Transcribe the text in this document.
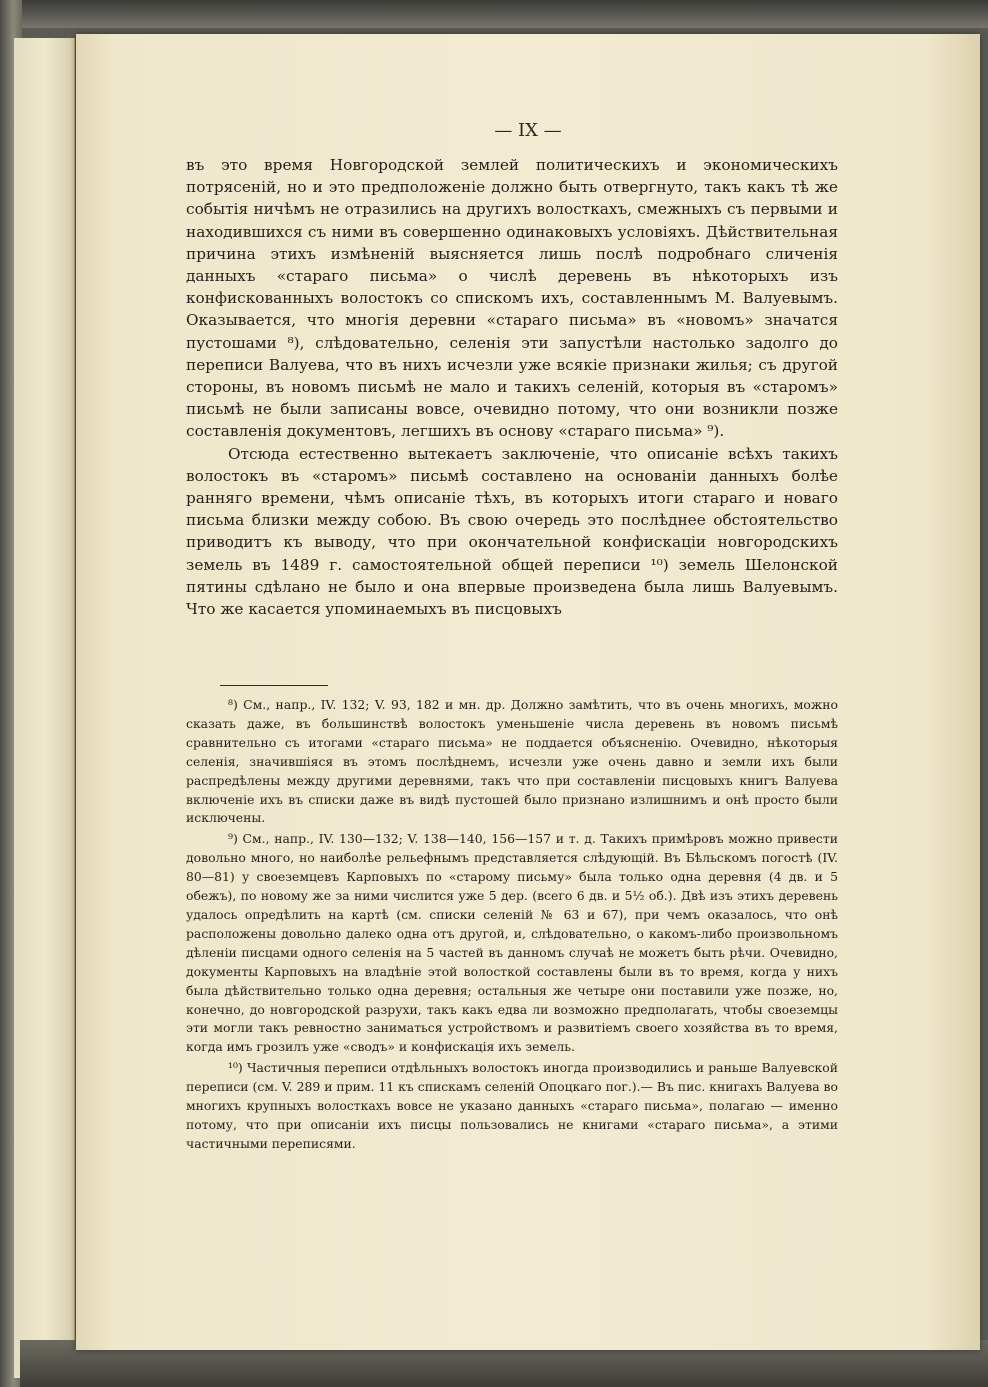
— IX —

въ это время Новгородской землей политическихъ и экономическихъ потрясеній, но и это предположеніе должно быть отвергнуто, такъ какъ тѣ же событія ничѣмъ не отразились на другихъ волосткахъ, смежныхъ съ первыми и находившихся съ ними въ совершенно одинаковыхъ условіяхъ. Дѣйствительная причина этихъ измѣненій выясняется лишь послѣ подробнаго сличенія данныхъ «стараго письма» о числѣ деревень въ нѣкоторыхъ изъ конфискованныхъ волостокъ со спискомъ ихъ, составленнымъ М. Валуевымъ. Оказывается, что многія деревни «стараго письма» въ «новомъ» значатся пустошами ⁸), слѣдовательно, селенія эти запустѣли настолько задолго до переписи Валуева, что въ нихъ исчезли уже всякіе признаки жилья; съ другой стороны, въ новомъ письмѣ не мало и такихъ селеній, которыя въ «старомъ» письмѣ не были записаны вовсе, очевидно потому, что они возникли позже составленія документовъ, легшихъ въ основу «стараго письма» ⁹).

Отсюда естественно вытекаетъ заключеніе, что описаніе всѣхъ такихъ волостокъ въ «старомъ» письмѣ составлено на основаніи данныхъ болѣе ранняго времени, чѣмъ описаніе тѣхъ, въ которыхъ итоги стараго и новаго письма близки между собою. Въ свою очередь это послѣднее обстоятельство приводитъ къ выводу, что при окончательной конфискаціи новгородскихъ земель въ 1489 г. самостоятельной общей переписи ¹⁰) земель Шелонской пятины сдѣлано не было и она впервые произведена была лишь Валуевымъ. Что же касается упоминаемыхъ въ писцовыхъ

⁸) См., напр., IV. 132; V. 93, 182 и мн. др. Должно замѣтить, что въ очень многихъ, можно сказать даже, въ большинствѣ волостокъ уменьшеніе числа деревень въ новомъ письмѣ сравнительно съ итогами «стараго письма» не поддается объясненію. Очевидно, нѣкоторыя селенія, значившіяся въ этомъ послѣднемъ, исчезли уже очень давно и земли ихъ были распредѣлены между другими деревнями, такъ что при составленіи писцовыхъ книгъ Валуева включеніе ихъ въ списки даже въ видѣ пустошей было признано излишнимъ и онѣ просто были исключены.

⁹) См., напр., IV. 130—132; V. 138—140, 156—157 и т. д. Такихъ примѣровъ можно привести довольно много, но наиболѣе рельефнымъ представляется слѣдующій. Въ Бѣльскомъ погостѣ (IV. 80—81) у своеземцевъ Карповыхъ по «старому письму» была только одна деревня (4 дв. и 5 обежъ), по новому же за ними числится уже 5 дер. (всего 6 дв. и 5½ об.). Двѣ изъ этихъ деревень удалось опредѣлить на картѣ (см. списки селеній № 63 и 67), при чемъ оказалось, что онѣ расположены довольно далеко одна отъ другой, и, слѣдовательно, о какомъ-либо произвольномъ дѣленіи писцами одного селенія на 5 частей въ данномъ случаѣ не можетъ быть рѣчи. Очевидно, документы Карповыхъ на владѣніе этой волосткой составлены были въ то время, когда у нихъ была дѣйствительно только одна деревня; остальныя же четыре они поставили уже позже, но, конечно, до новгородской разрухи, такъ какъ едва ли возможно предполагать, чтобы своеземцы эти могли такъ ревностно заниматься устройствомъ и развитіемъ своего хозяйства въ то время, когда имъ грозилъ уже «сводъ» и конфискація ихъ земель.

¹⁰) Частичныя переписи отдѣльныхъ волостокъ иногда производились и раньше Валуевской переписи (см. V. 289 и прим. 11 къ спискамъ селеній Опоцкаго пог.).— Въ пис. книгахъ Валуева во многихъ крупныхъ волосткахъ вовсе не указано данныхъ «стараго письма», полагаю — именно потому, что при описаніи ихъ писцы пользовались не книгами «стараго письма», а этими частичными переписями.
